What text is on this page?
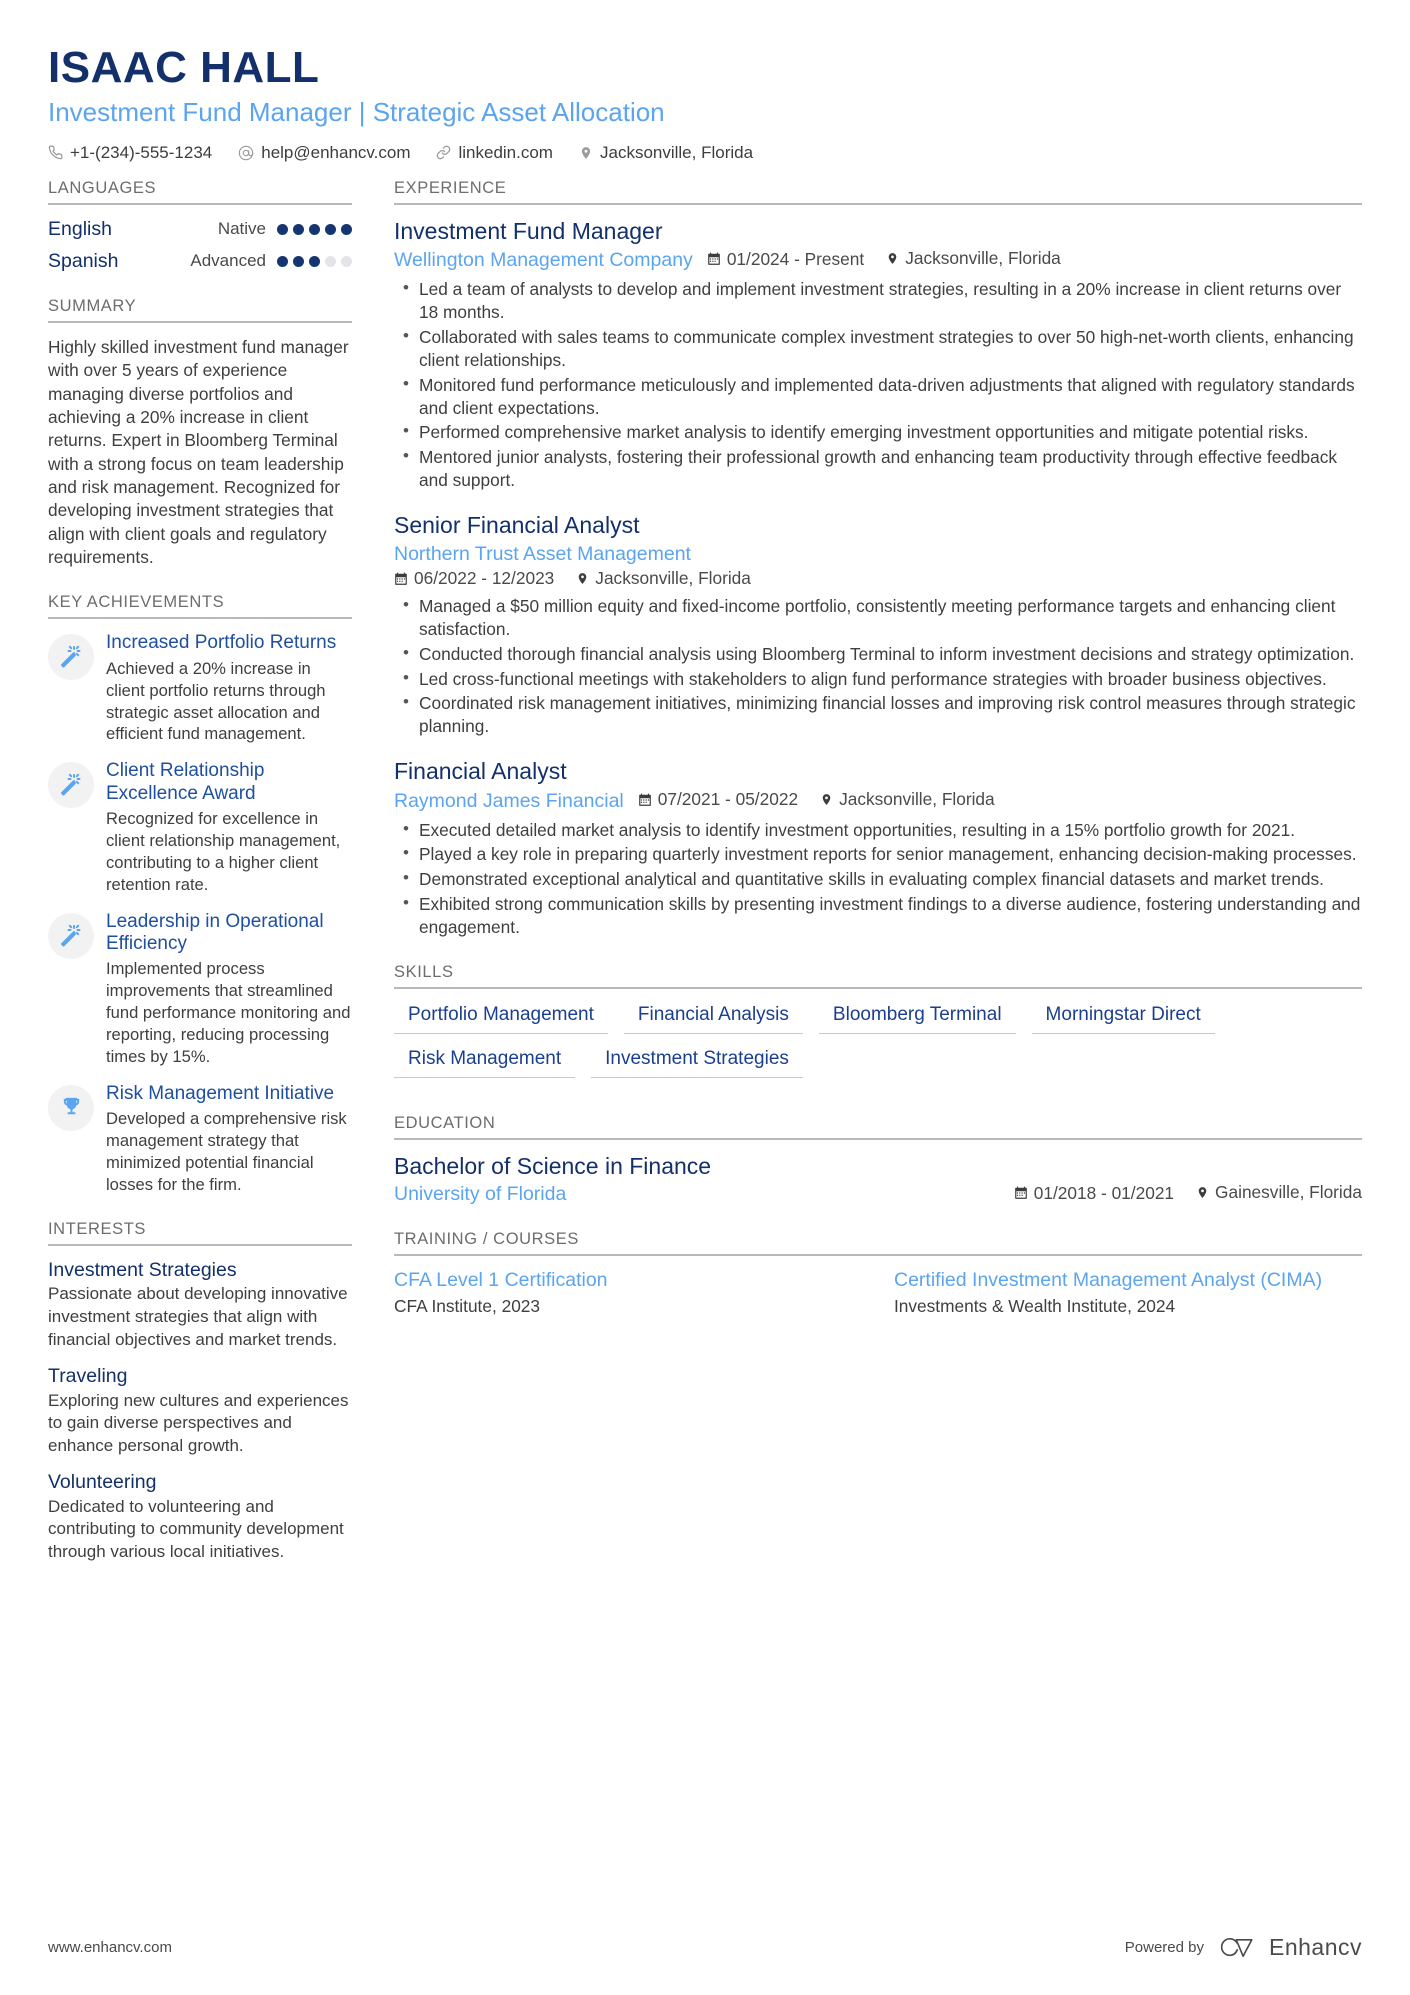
ISAAC HALL
Investment Fund Manager | Strategic Asset Allocation
+1-(234)-555-1234	help@enhancv.com	linkedin.com	Jacksonville, Florida
LANGUAGES
English	Native
Spanish	Advanced
SUMMARY

Highly skilled investment fund manager with over 5 years of experience managing diverse portfolios and achieving a 20% increase in client returns. Expert in Bloomberg Terminal with a strong focus on team leadership and risk management. Recognized for developing investment strategies that align with client goals and regulatory requirements.

KEY ACHIEVEMENTS
Increased Portfolio Returns

Achieved a 20% increase in client portfolio returns through strategic asset allocation and efficient fund management.

Client Relationship Excellence Award

Recognized for excellence in client relationship management, contributing to a higher client retention rate.

Leadership in Operational Efficiency

Implemented process improvements that streamlined fund performance monitoring and reporting, reducing processing times by 15%.

Risk Management Initiative

Developed a comprehensive risk management strategy that minimized potential financial losses for the firm.

INTERESTS
Investment Strategies

Passionate about developing innovative investment strategies that align with financial objectives and market trends.

Traveling

Exploring new cultures and experiences to gain diverse perspectives and enhance personal growth.

Volunteering

Dedicated to volunteering and contributing to community development through various local initiatives.

EXPERIENCE
Investment Fund Manager
Wellington Management Company 01/2024 - Present Jacksonville, Florida
• Led a team of analysts to develop and implement investment strategies, resulting in a 20% increase in client returns over 18 months.
• Collaborated with sales teams to communicate complex investment strategies to over 50 high-net-worth clients, enhancing client relationships.
• Monitored fund performance meticulously and implemented data-driven adjustments that aligned with regulatory standards and client expectations.
• Performed comprehensive market analysis to identify emerging investment opportunities and mitigate potential risks.
• Mentored junior analysts, fostering their professional growth and enhancing team productivity through effective feedback and support.
Senior Financial Analyst
Northern Trust Asset Management
06/2022 - 12/2023 Jacksonville, Florida
• Managed a $50 million equity and fixed-income portfolio, consistently meeting performance targets and enhancing client satisfaction.
• Conducted thorough financial analysis using Bloomberg Terminal to inform investment decisions and strategy optimization.
• Led cross-functional meetings with stakeholders to align fund performance strategies with broader business objectives.
• Coordinated risk management initiatives, minimizing financial losses and improving risk control measures through strategic planning.
Financial Analyst
Raymond James Financial 07/2021 - 05/2022 Jacksonville, Florida
• Executed detailed market analysis to identify investment opportunities, resulting in a 15% portfolio growth for 2021.
• Played a key role in preparing quarterly investment reports for senior management, enhancing decision-making processes.
• Demonstrated exceptional analytical and quantitative skills in evaluating complex financial datasets and market trends.
• Exhibited strong communication skills by presenting investment findings to a diverse audience, fostering understanding and engagement.
SKILLS
Portfolio Management	Financial Analysis	Bloomberg Terminal	Morningstar Direct
Risk Management	Investment Strategies
EDUCATION
Bachelor of Science in Finance
University of Florida	01/2018 - 01/2021 Gainesville, Florida
TRAINING / COURSES
CFA Level 1 Certification

CFA Institute, 2023

Certified Investment Management Analyst (CIMA)

Investments & Wealth Institute, 2024

www.enhancv.com	Powered by	Enhancv
